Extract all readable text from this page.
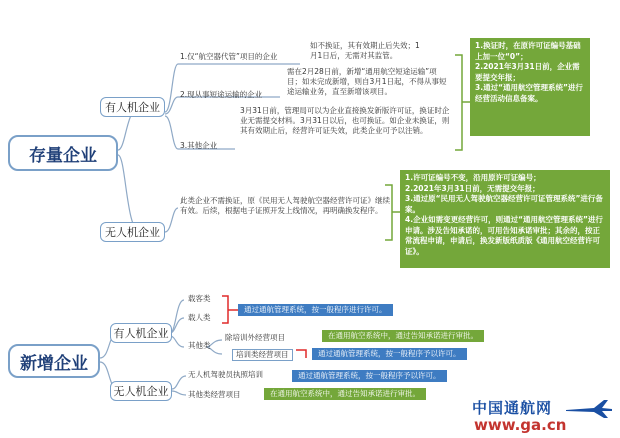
存量企业
有人机企业
1.仅“航空器代管”项目的企业
如不换证，其有效期止后失效；1月1日后，无需对其监管。
2.现从事短途运输的企业
需在2月28日前，新增“通用航空短途运输”项目；如未完成新增，则自3月1日起，不得从事短途运输业务，直至新增该项目。
3.其他企业
3月31日前，管理局可以为企业直接换发新版许可证，换证时企业无需提交材料。3月31日以后，也可换证。如企业未换证，则其有效期止后，经营许可证失效，此类企业可予以注销。
1.换证时，在原许可证编号基础上加一位“0”；
2.2021年3月31日前，企业需要提交年报；
3.通过“通用航空管理系统”进行经营活动信息备案。
无人机企业
此类企业不需换证，原《民用无人驾驶航空器经营许可证》继续有效。后续，根据电子证照开发上线情况，再明确换发程序。
1.许可证编号不变，沿用原许可证编号；
2.2021年3月31日前，无需提交年报；
3.通过原“民用无人驾驶航空器经营许可证管理系统”进行备案。
4.企业如需变更经营许可，则通过“通用航空管理系统”进行申请。涉及告知承诺的，可用告知承诺审批；其余的，按正常流程申请，申请后，换发新版纸质版《通用航空经营许可证》。
新增企业
有人机企业
载客类
载人类
通过通航管理系统，按一般程序进行许可。
其他类
除培训外经营项目	在通用航空系统中，通过告知承诺进行审批。
培训类经营项目	通过通航管理系统，按一般程序予以许可。
无人机企业
无人机驾驶员执照培训	通过通航管理系统，按一般程序予以许可。
其他类经营项目	在通用航空系统中，通过告知承诺进行审批。
中国通航网
www.ga.cn
